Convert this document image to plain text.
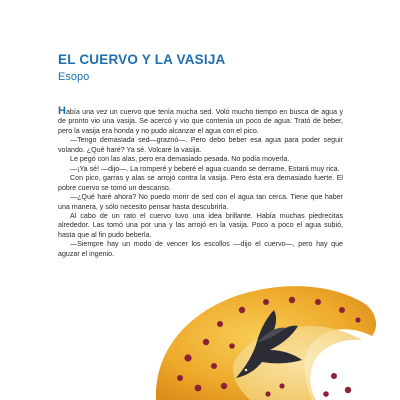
EL CUERVO Y LA VASIJA
Esopo

Había una vez un cuervo que tenía mucha sed. Voló mucho tiempo en busca de agua y de pronto vio una vasija. Se acercó y vio que contenía un poco de agua. Trató de beber, pero la vasija era honda y no pudo alcanzar el agua con el pico.

—Tengo demasiada sed—graznó—. Pero debo beber esa agua para poder seguir volando. ¿Qué haré? Ya sé. Volcaré la vasija.

Le pegó con las alas, pero era demasiado pesada. No podía moverla.

—¡Ya sé! —dijo—. La romperé y beberé el agua cuando se derrame. Estará muy rica.

Con pico, garras y alas se arrojó contra la vasija. Pero ésta era demasiado fuerte. El pobre cuervo se tomó un descanso.

—¿Qué haré ahora? No puedo morir de sed con el agua tan cerca. Tiene que haber una manera, y sólo necesito pensar hasta descubrirla.

Al cabo de un rato el cuervo tuvo una idea brillante. Había muchas piedrecitas alrededor. Las tomó una por una y las arrojó en la vasija. Poco a poco el agua subió, hasta que al fin pudo beberla.

—Siempre hay un modo de vencer los escollos —dijo el cuervo—, pero hay que aguzar el ingenio.
